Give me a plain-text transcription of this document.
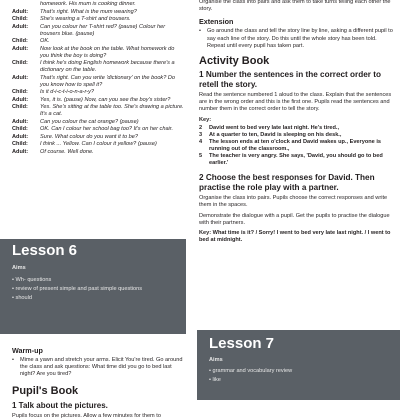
homework. His mum is cooking dinner.
Adult:	That's right. What is the mum wearing?
Child:	She's wearing a T-shirt and trousers.
Adult:	Can you colour her T-shirt red? (pause) Colour her trousers blue. (pause)
Child:	OK.
Adult:	Now look at the book on the table. What homework do you think the boy is doing?
Child:	I think he's doing English homework because there's a dictionary on the table.
Adult:	That's right. Can you write 'dictionary' on the book? Do you know how to spell it?
Child:	Is it d-i-c-t-i-o-n-a-r-y?
Adult:	Yes, it is. (pause) Now, can you see the boy's sister?
Child:	Yes. She's sitting at the table too. She's drawing a picture. It's a cat.
Adult:	Can you colour the cat orange? (pause)
Child:	OK. Can I colour her school bag too? It's on her chair.
Adult:	Sure. What colour do you want it to be?
Child:	I think ... Yellow. Can I colour it yellow? (pause)
Adult:	Of course. Well done.
Lesson 6
Aims
• Wh- questions
• review of present simple and past simple questions
• should
Warm-up
• Mime a yawn and stretch your arms. Elicit You're tired. Go around the class and ask questions: What time did you go to bed last night? Are you tired?
Pupil's Book
1 Talk about the pictures.
Pupils focus on the pictures. Allow a few minutes for them to
Organise the class into pairs and ask them to take turns telling each other the story.
Extension
• Go around the class and tell the story line by line, asking a different pupil to say each line of the story. Do this until the whole story has been told. Repeat until every pupil has taken part.
Activity Book
1 Number the sentences in the correct order to retell the story.
Read the sentence numbered 1 aloud to the class. Explain that the sentences are in the wrong order and this is the first one. Pupils read the sentences and number them in the correct order to tell the story.
Key:
2	David went to bed very late last night. He's tired.,
3	At a quarter to ten, David is sleeping on his desk.,
4	The lesson ends at ten o'clock and David wakes up., Everyone is running out of the classroom.,
5	The teacher is very angry. She says, 'David, you should go to bed earlier.'
2 Choose the best responses for David. Then practise the role play with a partner.
Organise the class into pairs. Pupils choose the correct responses and write them in the spaces.
Demonstrate the dialogue with a pupil. Get the pupils to practise the dialogue with their partners.
Key: What time is it? / Sorry! I went to bed very late last night. / I went to bed at midnight.
Lesson 7
Aims
• grammar and vocabulary review
• like
